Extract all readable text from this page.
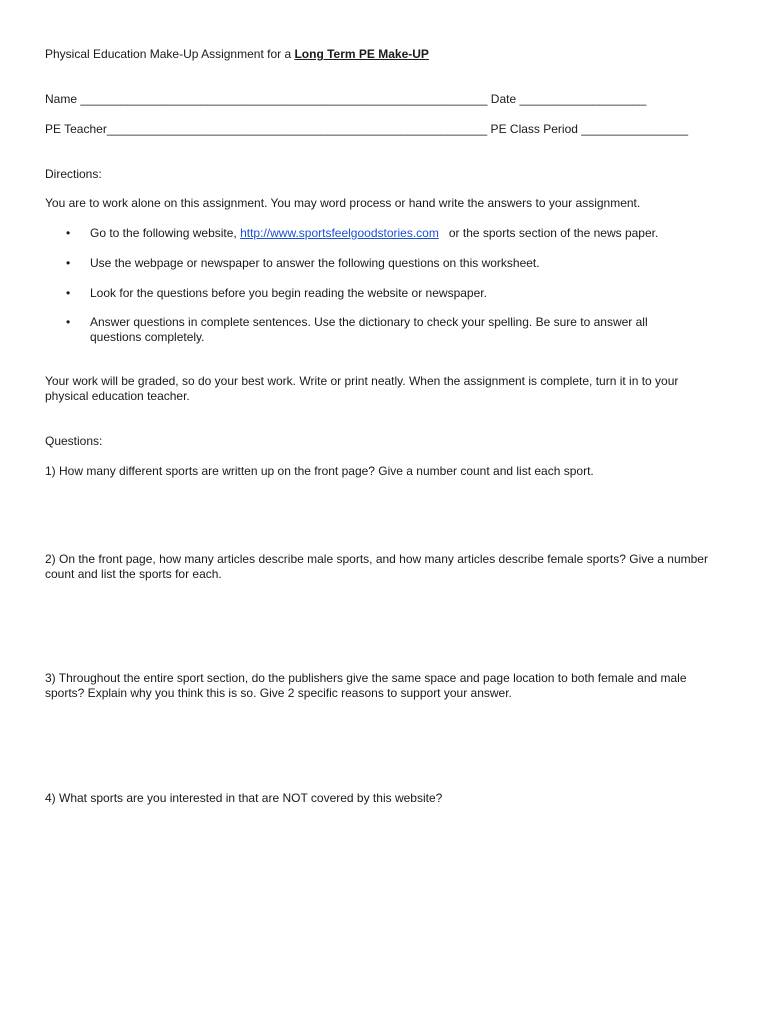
Physical Education Make-Up Assignment for a Long Term PE Make-UP
Name _____________________________________________________________ Date ___________________
PE Teacher_________________________________________________________ PE Class Period ________________
Directions:
You are to work alone on this assignment. You may word process or hand write the answers to your assignment.
•	Go to the following website, http://www.sportsfeelgoodstories.com   or the sports section of the news paper.
•	Use the webpage or newspaper to answer the following questions on this worksheet.
•	Look for the questions before you begin reading the website or newspaper.
•	Answer questions in complete sentences. Use the dictionary to check your spelling. Be sure to answer all questions completely.
Your work will be graded, so do your best work. Write or print neatly. When the assignment is complete, turn it in to your physical education teacher.
Questions:
1) How many different sports are written up on the front page? Give a number count and list each sport.
2) On the front page, how many articles describe male sports, and how many articles describe female sports? Give a number count and list the sports for each.
3) Throughout the entire sport section, do the publishers give the same space and page location to both female and male sports? Explain why you think this is so. Give 2 specific reasons to support your answer.
4) What sports are you interested in that are NOT covered by this website?
